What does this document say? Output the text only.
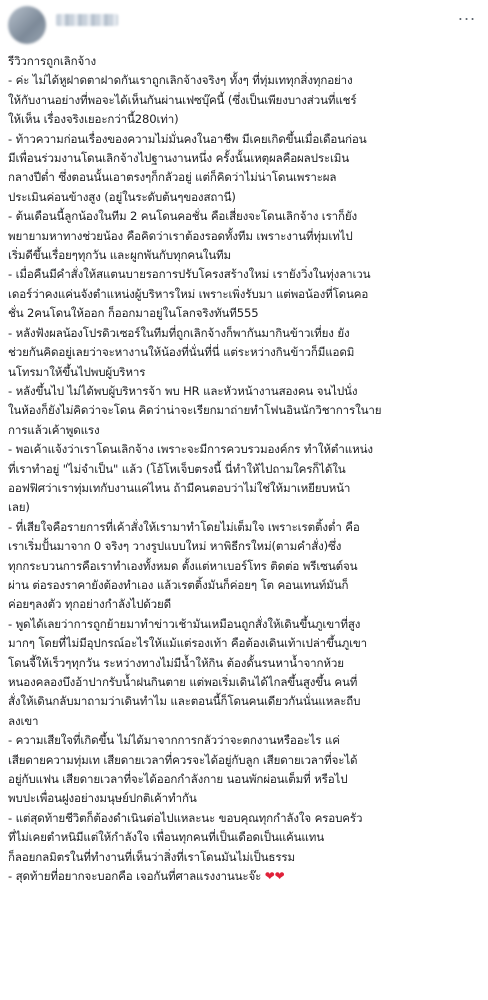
...
รีวิวการถูกเลิกจ้าง
- ค่ะ ไม่ได้หูฝาดตาฝาดกันเราถูกเลิกจ้างจริงๆ ทั้งๆ ที่ทุ่มเททุกสิ่งทุกอย่าง
ให้กับงานอย่างที่พอจะได้เห็นกันผ่านเฟซบุ๊คนี้ (ซึ่งเป็นเพียงบางส่วนที่แชร์
ให้เห็น เรื่องจริงเยอะกว่านี้280เท่า)
- ท้าวความก่อนเรื่องของความไม่มั่นคงในอาชีพ มีเคยเกิดขึ้นเมื่อเดือนก่อน
มีเพื่อนร่วมงานโดนเลิกจ้างไปฐานงานหนึ่ง ครั้งนั้นเหตุผลคือผลประเมิน
กลางปีต่ำ ซึ่งตอนนั้นเอาตรงๆก็กลัวอยู่ แต่ก็คิดว่าไม่น่าโดนเพราะผล
ประเมินค่อนข้างสูง (อยู่ในระดับต้นๆของสถานี)
- ต้นเดือนนี้ลูกน้องในทีม 2 คนโดนคอชั่น คือเสี่ยงจะโดนเลิกจ้าง เราก็ยัง
พยายามหาทางช่วยน้อง คือคิดว่าเราต้องรอดทั้งทีม เพราะงานที่ทุ่มเทไป
เริ่มดีขึ้นเรื่อยๆทุกวัน และผูกพันกับทุกคนในทีม
- เมื่อคืนมีคำสั่งให้สแตนบายรอการปรับโครงสร้างใหม่ เรายังวิ่งในทุ่งลาเวน
เดอร์ว่าคงแค่นจังตำแหน่งผู้บริหารใหม่ เพราะเพิ่งรับมา แต่พอน้องที่โดนคอ
ชั่น 2คนโดนให้ออก ก็ออกมาอยู่ในโลกจริงทันที555
- หลังฟังผลน้องโปรดิวเซอร์ในทีมที่ถูกเลิกจ้างก็พากันมากินข้าวเที่ยง ยัง
ช่วยกันคิดอยู่เลยว่าจะหางานให้น้องที่นั่นที่นี่ แต่ระหว่างกินข้าวก็มีแอดมิ
นโทรมาให้ขึ้นไปพบผู้บริหาร
- หลังขึ้นไป ไม่ได้พบผู้บริหารจ้า พบ HR และหัวหน้างานสองคน จนไปนั่ง
ในห้องก็ยังไม่คิดว่าจะโดน คิดว่าน่าจะเรียกมาถ่ายทำโฟนอินนักวิชาการในาย
การแล้วเค้าพูดแรง
- พอเค้าแจ้งว่าเราโดนเลิกจ้าง เพราะจะมีการควบรวมองค์กร ทำให้ตำแหน่ง
ที่เราทำอยู่ "ไม่จำเป็น" แล้ว (โอ้โหเจ็บตรงนี้ นี่ทำให้ไปถามใครก็ได้ใน
ออฟฟิศว่าเราทุ่มเทกับงานแค่ไหน ถ้ามีคนตอบว่าไม่ใช่ให้มาเหยียบหน้า
เลย)
- ที่เสียใจคือรายการที่เค้าสั่งให้เรามาทำโดยไม่เต็มใจ เพราะเรตติ้งต่ำ คือ
เราเริ่มปั้นมาจาก 0 จริงๆ วางรูปแบบใหม่ หาพิธีกรใหม่(ตามคำสั่ง)ซึ่ง
ทุกกระบวนการคือเราทำเองทั้งหมด ตั้งแต่หาเบอร์โทร ติดต่อ พรีเซนต์จน
ผ่าน ต่อรองราคายังต้องทำเอง แล้วเรตติ้งมันก็ค่อยๆ โต คอนเทนท์มันก็
ค่อยๆลงตัว ทุกอย่างกำลังไปด้วยดี
- พูดได้เลยว่าการถูกย้ายมาทำข่าวเช้ามันเหมือนถูกสั่งให้เดินขึ้นภูเขาที่สูง
มากๆ โดยที่ไม่มีอุปกรณ์อะไรให้แม้แต่รองเท้า คือต้องเดินเท้าเปล่าขึ้นภูเขา
โดนจี้ให้เร็วๆทุกวัน ระหว่างทางไม่มีน้ำให้กิน ต้องดั้นรนหาน้ำจากห้วย
หนองคลองบึงอ้าปากรับน้ำฝนกินตาย แต่พอเริ่มเดินได้ไกลขึ้นสูงขึ้น คนที่
สั่งให้เดินกลับมาถามว่าเดินทำไม และตอนนี้ก็โดนคนเดียวกันนั่นแหละถีบ
ลงเขา
- ความเสียใจที่เกิดขึ้น ไม่ได้มาจากการกลัวว่าจะตกงานหรืออะไร แค่
เสียดายความทุ่มเท เสียดายเวลาที่ควรจะได้อยู่กับลูก เสียดายเวลาที่จะได้
อยู่กับแฟน เสียดายเวลาที่จะได้ออกกำลังกาย นอนพักผ่อนเต็มที่ หรือไป
พบปะเพื่อนฝูงอย่างมนุษย์ปกติเค้าทำกัน
- แต่สุดท้ายชีวิตก็ต้องดำเนินต่อไปแหละนะ ขอบคุณทุกกำลังใจ ครอบครัว
ที่ไม่เคยตำหนิมีแต่ให้กำลังใจ เพื่อนทุกคนที่เป็นเดือดเป็นแค้นแทน
ก็ลอยกลมิตรในที่ทำงานที่เห็นว่าสิ่งที่เราโดนมันไม่เป็นธรรม
- สุดท้ายที่อยากจะบอกคือ เจอกันที่ศาลแรงงานนะจ๊ะ ❤❤
